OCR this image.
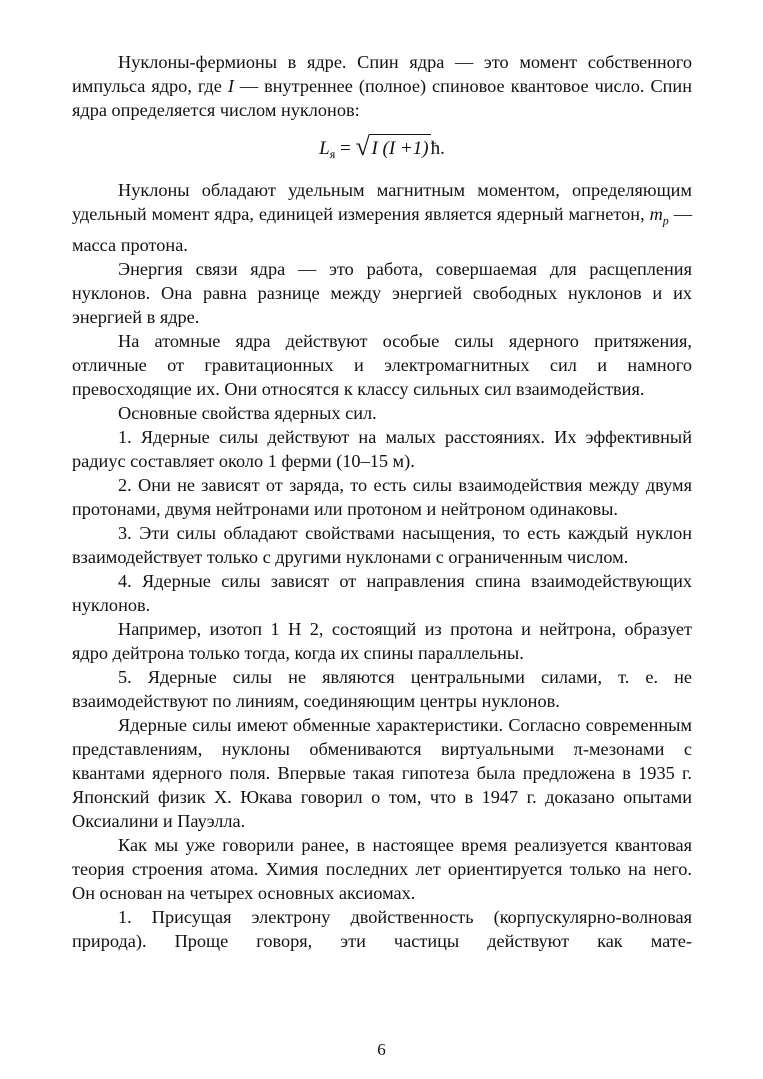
Нуклоны-фермионы в ядре. Спин ядра — это момент собственного импульса ядро, где I — внутреннее (полное) спиновое квантовое число. Спин ядра определяется числом нуклонов:

$L_я$ = √ I (I +1) ħ.

Нуклоны обладают удельным магнитным моментом, определяющим удельный момент ядра, единицей измерения является ядерный магнетон, $m_p$ — масса протона.

Энергия связи ядра — это работа, совершаемая для расщепления нуклонов. Она равна разнице между энергией свободных нуклонов и их энергией в ядре.

На атомные ядра действуют особые силы ядерного притяжения, отличные от гравитационных и электромагнитных сил и намного превосходящие их. Они относятся к классу сильных сил взаимодействия.

Основные свойства ядерных сил.

1. Ядерные силы действуют на малых расстояниях. Их эффективный радиус составляет около 1 ферми (10–15 м).

2. Они не зависят от заряда, то есть силы взаимодействия между двумя протонами, двумя нейтронами или протоном и нейтроном одинаковы.

3. Эти силы обладают свойствами насыщения, то есть каждый нуклон взаимодействует только с другими нуклонами с ограниченным числом.

4. Ядерные силы зависят от направления спина взаимодействующих нуклонов.

Например, изотоп 1 Н 2, состоящий из протона и нейтрона, образует ядро дейтрона только тогда, когда их спины параллельны.

5. Ядерные силы не являются центральными силами, т. е. не взаимодействуют по линиям, соединяющим центры нуклонов.

Ядерные силы имеют обменные характеристики. Согласно современным представлениям, нуклоны обмениваются виртуальными π-мезонами с квантами ядерного поля. Впервые такая гипотеза была предложена в 1935 г. Японский физик Х. Юкава говорил о том, что в 1947 г. доказано опытами Оксиалини и Пауэлла.

Как мы уже говорили ранее, в настоящее время реализуется квантовая теория строения атома. Химия последних лет ориентируется только на него. Он основан на четырех основных аксиомах.

1. Присущая электрону двойственность (корпускулярно-волновая природа). Проще говоря, эти частицы действуют как мате-

6
